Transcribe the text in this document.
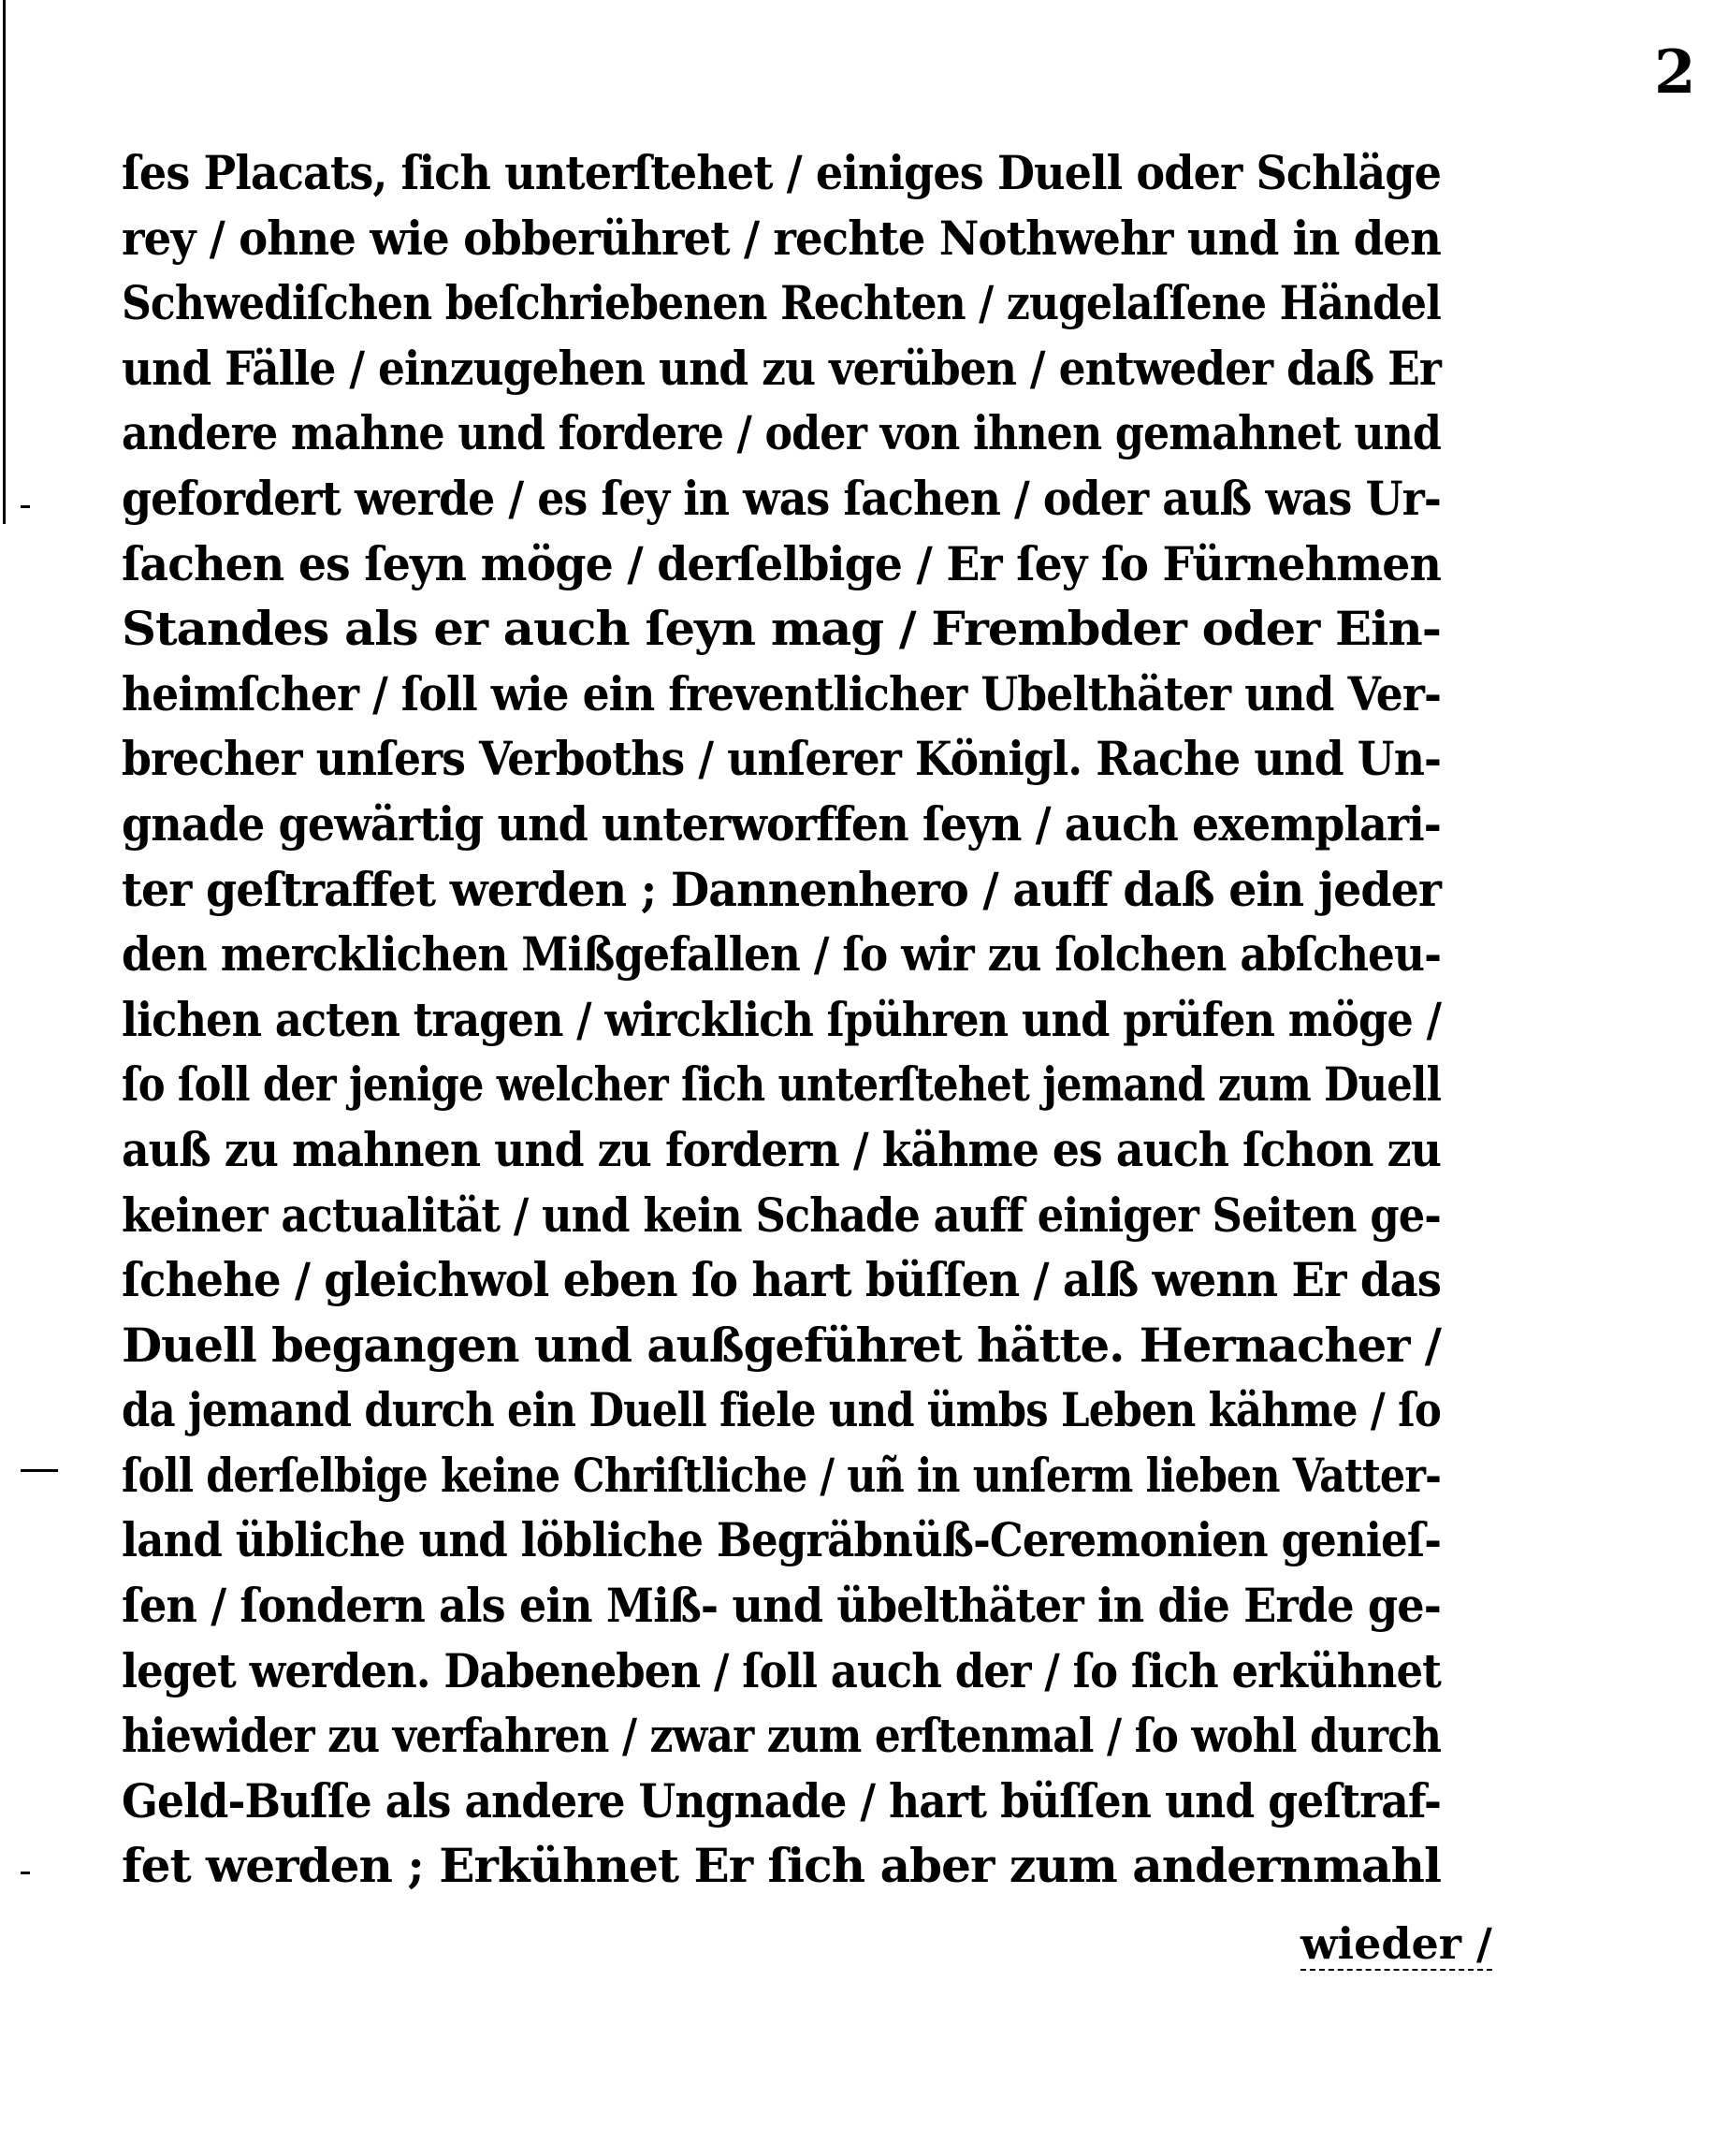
2
ſes Placats, ſich unterſtehet / einiges Duell oder Schläge
rey / ohne wie obberühret / rechte Nothwehr und in den
Schwediſchen beſchriebenen Rechten / zugelaſſene Händel
und Fälle / einzugehen und zu verüben / entweder daß Er
andere mahne und fordere / oder von ihnen gemahnet und
gefordert werde / es ſey in was ſachen / oder auß was Ur-
ſachen es ſeyn möge / derſelbige / Er ſey ſo Fürnehmen
Standes als er auch ſeyn mag / Frembder oder Ein-
heimſcher / ſoll wie ein freventlicher Ubelthäter und Ver-
brecher unſers Verboths / unſerer Königl. Rache und Un-
gnade gewärtig und unterworffen ſeyn / auch exemplari-
ter geſtraffet werden ; Dannenhero / auff daß ein jeder
den mercklichen Mißgefallen / ſo wir zu ſolchen abſcheu-
lichen acten tragen / wircklich ſpühren und prüfen möge /
ſo ſoll der jenige welcher ſich unterſtehet jemand zum Duell
auß zu mahnen und zu fordern / kähme es auch ſchon zu
keiner actualität / und kein Schade auff einiger Seiten ge-
ſchehe / gleichwol eben ſo hart büſſen / alß wenn Er das
Duell begangen und außgeführet hätte. Hernacher /
da jemand durch ein Duell fiele und ümbs Leben kähme / ſo
ſoll derſelbige keine Chriſtliche / uñ in unſerm lieben Vatter-
land übliche und löbliche Begräbnüß-Ceremonien genieſ-
ſen / ſondern als ein Miß- und übelthäter in die Erde ge-
leget werden. Dabeneben / ſoll auch der / ſo ſich erkühnet
hiewider zu verfahren / zwar zum erſtenmal / ſo wohl durch
Geld-Buſſe als andere Ungnade / hart büſſen und geſtraf-
fet werden ; Erkühnet Er ſich aber zum andernmahl
wieder /
